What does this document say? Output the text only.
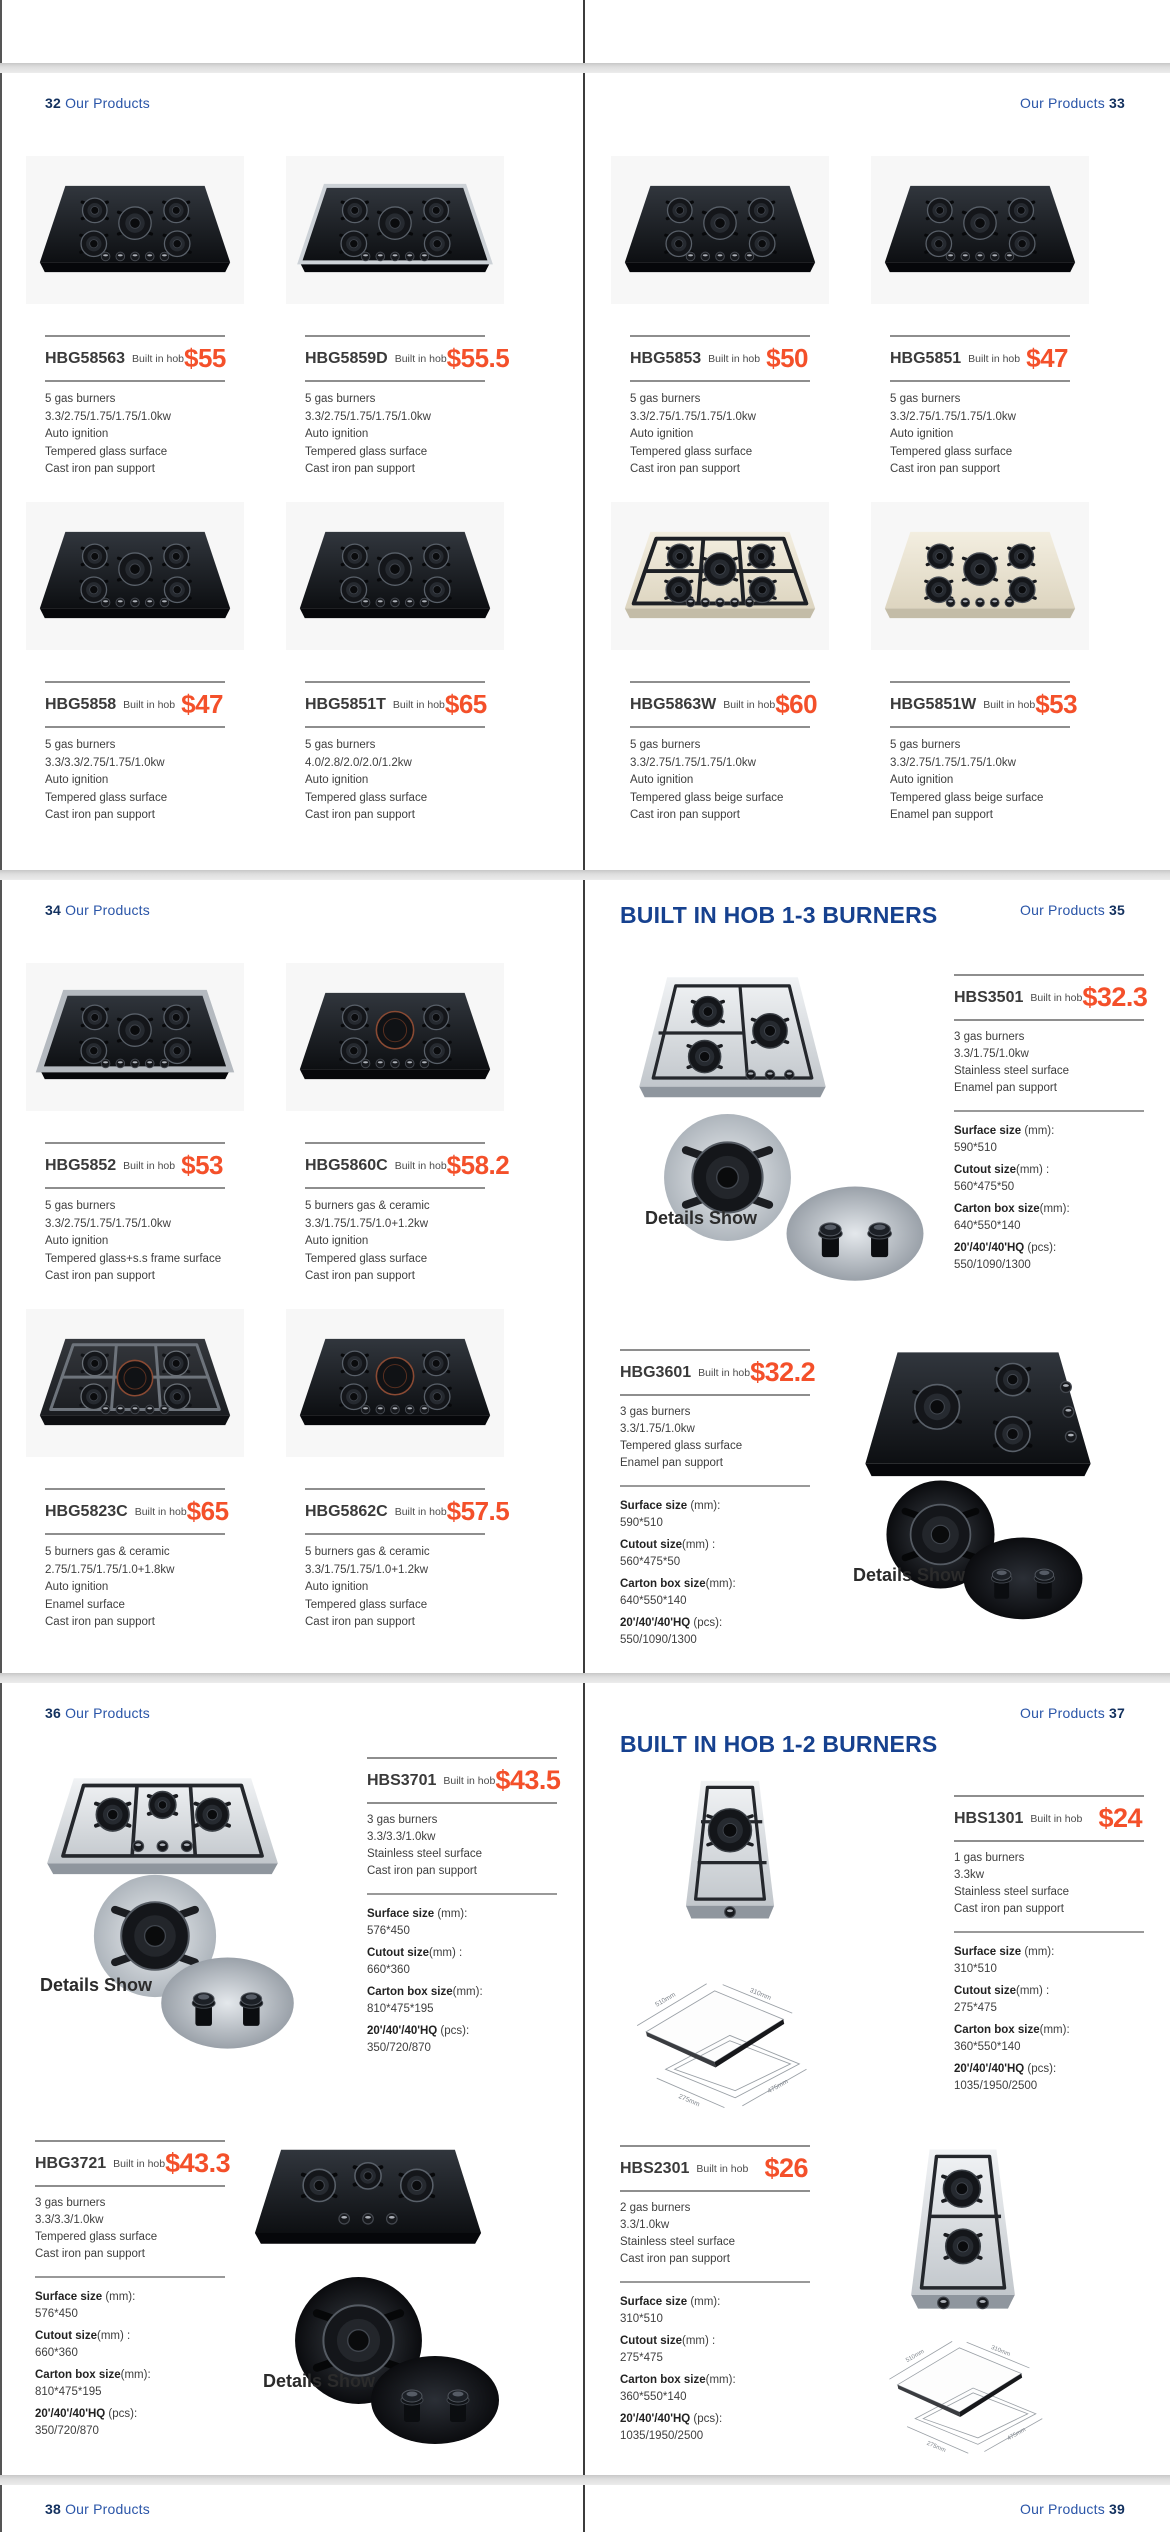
32 Our Products
HBG58563 Built in hob $55
5 gas burners
3.3/2.75/1.75/1.75/1.0kw
Auto ignition
Tempered glass surface
Cast iron pan support
HBG5859D Built in hob $55.5
5 gas burners
3.3/2.75/1.75/1.75/1.0kw
Auto ignition
Tempered glass surface
Cast iron pan support
HBG5858 Built in hob $47
5 gas burners
3.3/3.3/2.75/1.75/1.0kw
Auto ignition
Tempered glass surface
Cast iron pan support
HBG5851T Built in hob $65
5 gas burners
4.0/2.8/2.0/2.0/1.2kw
Auto ignition
Tempered glass surface
Cast iron pan support
Our Products 33
HBG5853 Built in hob $50
5 gas burners
3.3/2.75/1.75/1.75/1.0kw
Auto ignition
Tempered glass surface
Cast iron pan support
HBG5851 Built in hob $47
5 gas burners
3.3/2.75/1.75/1.75/1.0kw
Auto ignition
Tempered glass surface
Cast iron pan support
HBG5863W Built in hob $60
5 gas burners
3.3/2.75/1.75/1.75/1.0kw
Auto ignition
Tempered glass beige surface
Cast iron pan support
HBG5851W Built in hob $53
5 gas burners
3.3/2.75/1.75/1.75/1.0kw
Auto ignition
Tempered glass beige surface
Enamel pan support
34 Our Products
HBG5852 Built in hob $53
5 gas burners
3.3/2.75/1.75/1.75/1.0kw
Auto ignition
Tempered glass+s.s frame surface
Cast iron pan support
HBG5860C Built in hob $58.2
5 burners gas & ceramic
3.3/1.75/1.75/1.0+1.2kw
Auto ignition
Tempered glass surface
Cast iron pan support
HBG5823C Built in hob $65
5 burners gas & ceramic
2.75/1.75/1.75/1.0+1.8kw
Auto ignition
Enamel surface
Cast iron pan support
HBG5862C Built in hob $57.5
5 burners gas & ceramic
3.3/1.75/1.75/1.0+1.2kw
Auto ignition
Tempered glass surface
Cast iron pan support
Our Products 35
BUILT IN HOB 1-3 BURNERS
Details Show
HBS3501 Built in hob $32.3
3 gas burners
3.3/1.75/1.0kw
Stainless steel surface
Enamel pan support
Surface size (mm):
590*510
Cutout size(mm) :
560*475*50
Carton box size(mm):
640*550*140
20'/40'/40'HQ (pcs):
550/1090/1300
Details Show
HBG3601 Built in hob $32.2
3 gas burners
3.3/1.75/1.0kw
Tempered glass surface
Enamel pan support
Surface size (mm):
590*510
Cutout size(mm) :
560*475*50
Carton box size(mm):
640*550*140
20'/40'/40'HQ (pcs):
550/1090/1300
36 Our Products
Details Show
HBS3701 Built in hob $43.5
3 gas burners
3.3/3.3/1.0kw
Stainless steel surface
Cast iron pan support
Surface size (mm):
576*450
Cutout size(mm) :
660*360
Carton box size(mm):
810*475*195
20'/40'/40'HQ (pcs):
350/720/870
Details Show
HBG3721 Built in hob $43.3
3 gas burners
3.3/3.3/1.0kw
Tempered glass surface
Cast iron pan support
Surface size (mm):
576*450
Cutout size(mm) :
660*360
Carton box size(mm):
810*475*195
20'/40'/40'HQ (pcs):
350/720/870
Our Products 37
BUILT IN HOB 1-2 BURNERS
510mm	310mm
275mm
475mm
HBS1301 Built in hob $24
1 gas burners
3.3kw
Stainless steel surface
Cast iron pan support
Surface size (mm):
310*510
Cutout size(mm) :
275*475
Carton box size(mm):
360*550*140
20'/40'/40'HQ (pcs):
1035/1950/2500
510mm	310mm
275mm
475mm
HBS2301 Built in hob $26
2 gas burners
3.3/1.0kw
Stainless steel surface
Cast iron pan support
Surface size (mm):
310*510
Cutout size(mm) :
275*475
Carton box size(mm):
360*550*140
20'/40'/40'HQ (pcs):
1035/1950/2500
38 Our Products	Our Products 39
